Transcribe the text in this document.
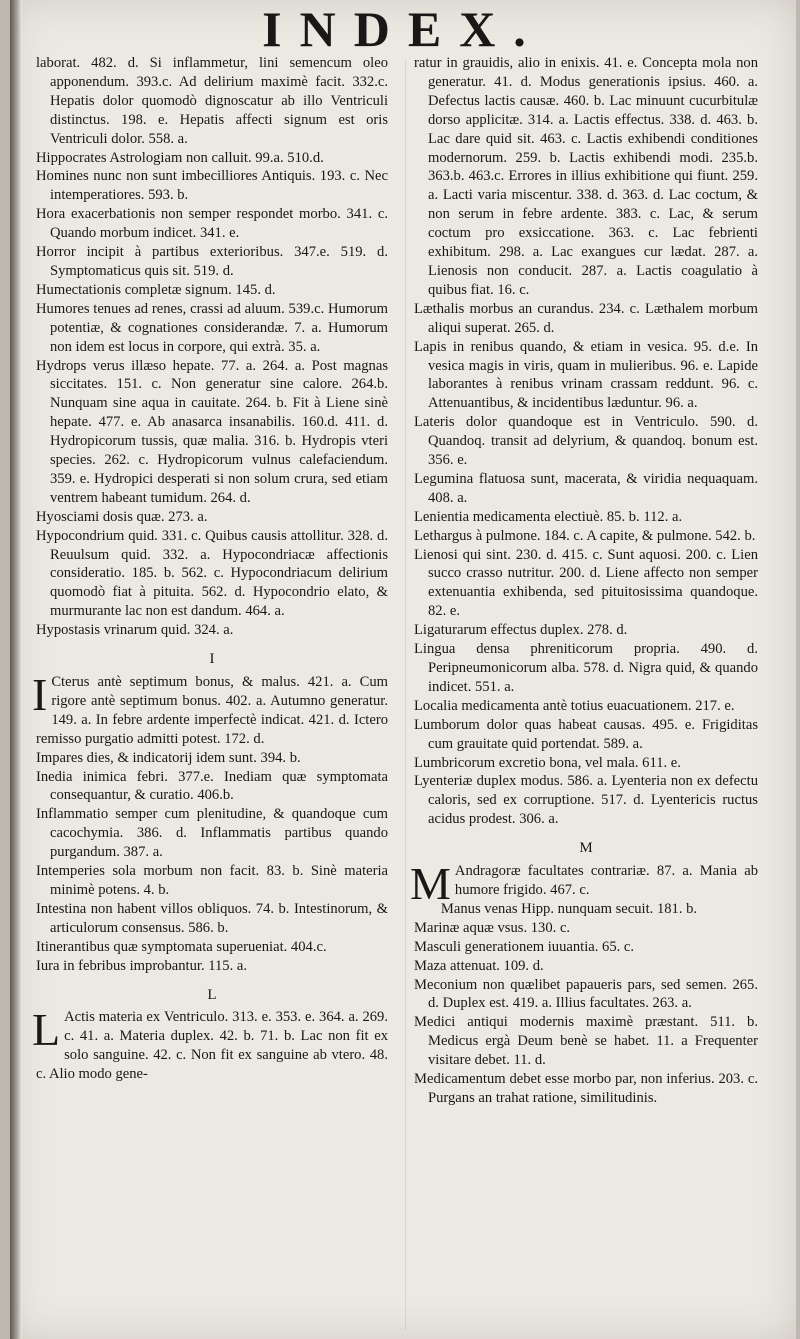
INDEX.

laborat. 482. d. Si inflammetur, lini semencum oleo apponendum. 393.c. Ad delirium maximè facit. 332.c. Hepatis dolor quomodò dignoscatur ab illo Ventriculi distinctus. 198. e. Hepatis affecti signum est oris Ventriculi dolor. 558. a.

Hippocrates Astrologiam non calluit. 99.a. 510.d.

Homines nunc non sunt imbecilliores Antiquis. 193. c. Nec intemperatiores. 593. b.

Hora exacerbationis non semper respondet morbo. 341. c. Quando morbum indicet. 341. e.

Horror incipit à partibus exterioribus. 347.e. 519. d. Symptomaticus quis sit. 519. d.

Humectationis completæ signum. 145. d.

Humores tenues ad renes, crassi ad aluum. 539.c. Humorum potentiæ, & cognationes considerandæ. 7. a. Humorum non idem est locus in corpore, qui extrà. 35. a.

Hydrops verus illæso hepate. 77. a. 264. a. Post magnas siccitates. 151. c. Non generatur sine calore. 264.b. Nunquam sine aqua in cauitate. 264. b. Fit à Liene sinè hepate. 477. e. Ab anasarca insanabilis. 160.d. 411. d. Hydropicorum tussis, quæ malia. 316. b. Hydropis vteri species. 262. c. Hydropicorum vulnus calefaciendum. 359. e. Hydropici desperati si non solum crura, sed etiam ventrem habeant tumidum. 264. d.

Hyosciami dosis quæ. 273. a.

Hypocondrium quid. 331. c. Quibus causis attollitur. 328. d. Reuulsum quid. 332. a. Hypocondriacæ affectionis consideratio. 185. b. 562. c. Hypocondriacum delirium quomodò fiat à pituita. 562. d. Hypocondrio elato, & murmurante lac non est dandum. 464. a.

Hypostasis vrinarum quid. 324. a.

I

I Cterus antè septimum bonus, & malus. 421. a. Cum rigore antè septimum bonus. 402. a. Autumno generatur. 149. a. In febre ardente imperfectè indicat. 421. d. Ictero remisso purgatio admitti potest. 172. d.

Impares dies, & indicatorij idem sunt. 394. b.

Inedia inimica febri. 377.e. Inediam quæ symptomata consequantur, & curatio. 406.b.

Inflammatio semper cum plenitudine, & quandoque cum cacochymia. 386. d. Inflammatis partibus quando purgandum. 387. a.

Intemperies sola morbum non facit. 83. b. Sinè materia minimè potens. 4. b.

Intestina non habent villos obliquos. 74. b. Intestinorum, & articulorum consensus. 586. b.

Itinerantibus quæ symptomata superueniat. 404.c.

Iura in febribus improbantur. 115. a.

L

L Actis materia ex Ventriculo. 313. e. 353. e. 364. a. 269. c. 41. a. Materia duplex. 42. b. 71. b. Lac non fit ex solo sanguine. 42. c. Non fit ex sanguine ab vtero. 48. c. Alio modo gene-

ratur in grauidis, alio in enixis. 41. e. Concepta mola non generatur. 41. d. Modus generationis ipsius. 460. a. Defectus lactis causæ. 460. b. Lac minuunt cucurbitulæ dorso applicitæ. 314. a. Lactis effectus. 338. d. 463. b. Lac dare quid sit. 463. c. Lactis exhibendi conditiones modernorum. 259. b. Lactis exhibendi modi. 235.b. 363.b. 463.c. Errores in illius exhibitione qui fiunt. 259. a. Lacti varia miscentur. 338. d. 363. d. Lac coctum, & non serum in febre ardente. 383. c. Lac, & serum coctum pro exsiccatione. 363. c. Lac febrienti exhibitum. 298. a. Lac exangues cur lædat. 287. a. Lienosis non conducit. 287. a. Lactis coagulatio à quibus fiat. 16. c.

Læthalis morbus an curandus. 234. c. Læthalem morbum aliqui superat. 265. d.

Lapis in renibus quando, & etiam in vesica. 95. d.e. In vesica magis in viris, quam in mulieribus. 96. e. Lapide laborantes à renibus vrinam crassam reddunt. 96. c. Attenuantibus, & incidentibus læduntur. 96. a.

Lateris dolor quandoque est in Ventriculo. 590. d. Quandoq. transit ad delyrium, & quandoq. bonum est. 356. e.

Legumina flatuosa sunt, macerata, & viridia nequaquam. 408. a.

Lenientia medicamenta electiuè. 85. b. 112. a.

Lethargus à pulmone. 184. c. A capite, & pulmone. 542. b.

Lienosi qui sint. 230. d. 415. c. Sunt aquosi. 200. c. Lien succo crasso nutritur. 200. d. Liene affecto non semper extenuantia exhibenda, sed pituitosissima quandoque. 82. e.

Ligaturarum effectus duplex. 278. d.

Lingua densa phreniticorum propria. 490. d. Peripneumonicorum alba. 578. d. Nigra quid, & quando indicet. 551. a.

Localia medicamenta antè totius euacuationem. 217. e.

Lumborum dolor quas habeat causas. 495. e. Frigiditas cum grauitate quid portendat. 589. a.

Lumbricorum excretio bona, vel mala. 611. e.

Lyenteriæ duplex modus. 586. a. Lyenteria non ex defectu caloris, sed ex corruptione. 517. d. Lyentericis ructus acidus prodest. 306. a.

M

M Andragoræ facultates contrariæ. 87. a. Mania ab humore frigido. 467. c.

Manus venas Hipp. nunquam secuit. 181. b.

Marinæ aquæ vsus. 130. c.

Masculi generationem iuuantia. 65. c.

Maza attenuat. 109. d.

Meconium non quælibet papaueris pars, sed semen. 265. d. Duplex est. 419. a. Illius facultates. 263. a.

Medici antiqui modernis maximè præstant. 511. b. Medicus ergà Deum benè se habet. 11. a Frequenter visitare debet. 11. d.

Medicamentum debet esse morbo par, non inferius. 203. c. Purgans an trahat ratione, similitudinis.
